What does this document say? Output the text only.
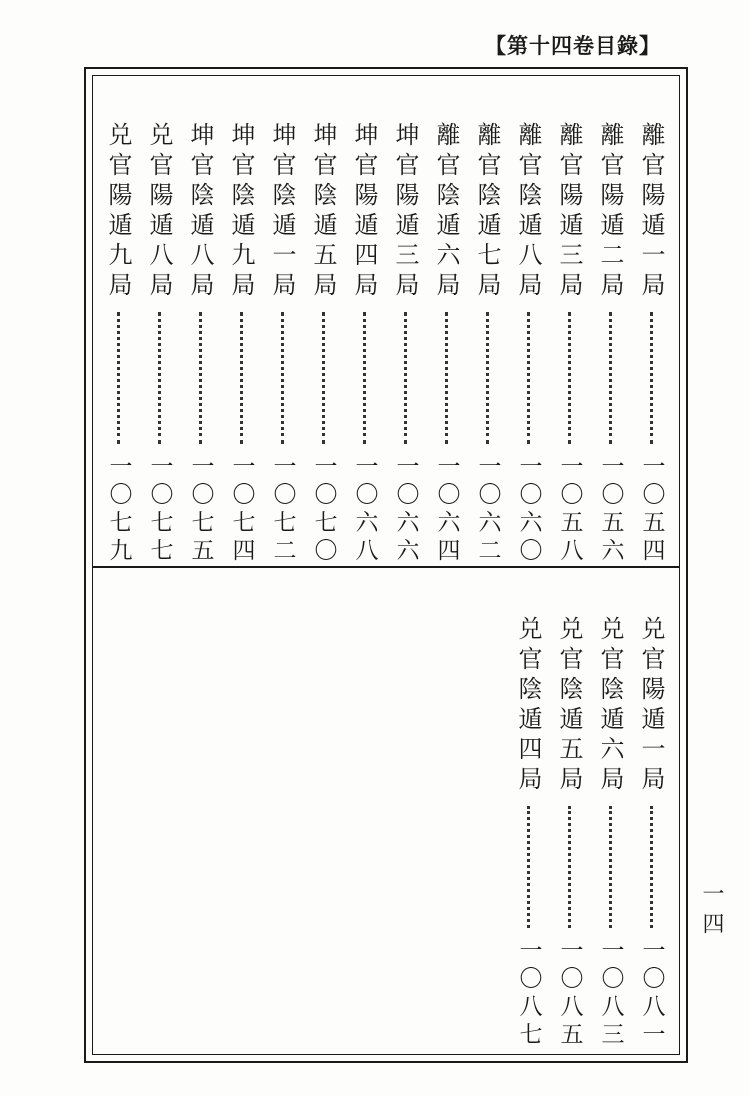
【第十四卷目錄】
離官陽遁一局
一〇五四
離官陽遁二局
一〇五六
離官陽遁三局
一〇五八
離官陰遁八局
一〇六〇
離官陰遁七局
一〇六二
離官陰遁六局
一〇六四
坤官陽遁三局
一〇六六
坤官陽遁四局
一〇六八
坤官陰遁五局
一〇七〇
坤官陰遁一局
一〇七二
坤官陰遁九局
一〇七四
坤官陰遁八局
一〇七五
兑官陽遁八局
一〇七七
兑官陽遁九局
一〇七九
兑官陽遁一局
一〇八一
兑官陰遁六局
一〇八三
兑官陰遁五局
一〇八五
兑官陰遁四局
一〇八七
一四
